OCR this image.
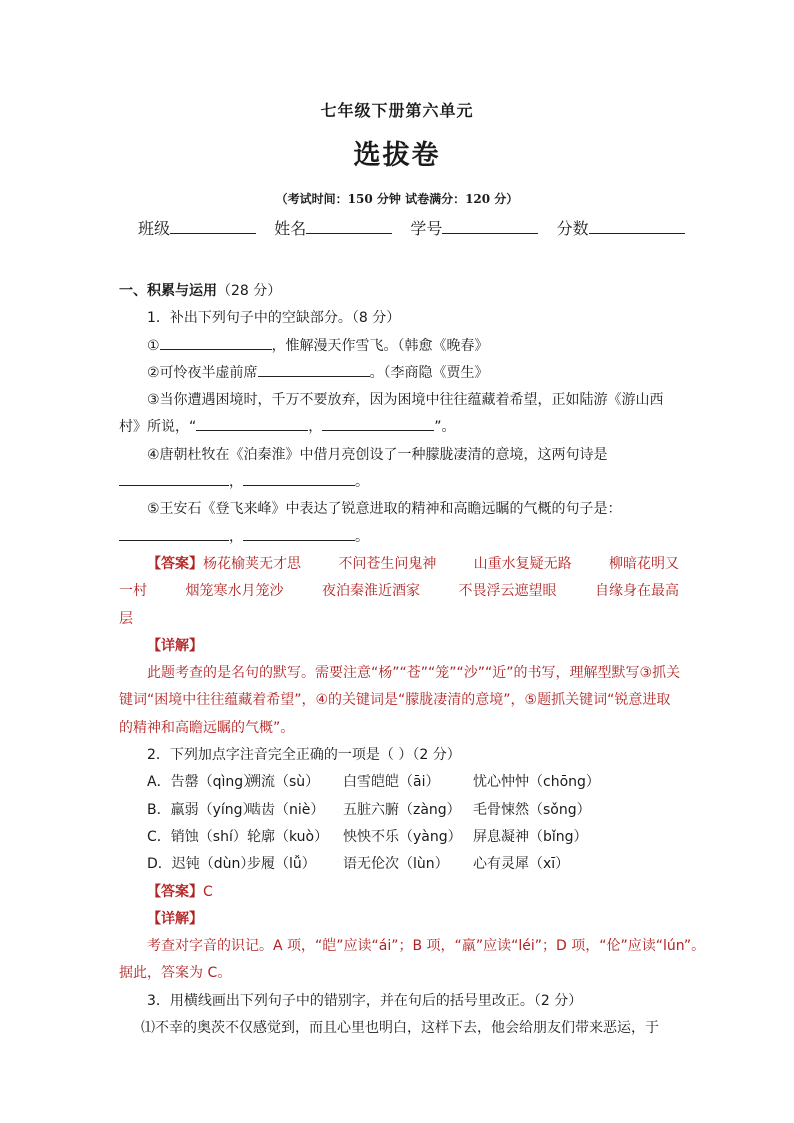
七年级下册第六单元
选拔卷
（考试时间：150 分钟 试卷满分：120 分）
班级	姓名	学号	分数
一、积累与运用（28 分）
1．补出下列句子中的空缺部分。（8 分）
①	，惟解漫天作雪飞。（韩愈《晚春》
②可怜夜半虚前席	。（李商隐《贾生》
③当你遭遇困境时，千万不要放弃，因为困境中往往蕴藏着希望，正如陆游《游山西
村》所说，“	，	”。
④唐朝杜牧在《泊秦淮》中借月亮创设了一种朦胧凄清的意境，这两句诗是
，	。
⑤王安石《登飞来峰》中表达了锐意进取的精神和高瞻远瞩的气概的句子是：
，	。
【答案】杨花榆荚无才思	不问苍生问鬼神	山重水复疑无路	柳暗花明又
一村	烟笼寒水月笼沙	夜泊秦淮近酒家	不畏浮云遮望眼	自缘身在最高
层
【详解】
此题考查的是名句的默写。需要注意“杨”“苍”“笼”“沙”“近”的书写，理解型默写③抓关
键词“困境中往往蕴藏着希望”，④的关键词是“朦胧凄清的意境”，⑤题抓关键词“锐意进取
的精神和高瞻远瞩的气概”。
2．下列加点字注音完全正确的一项是（ ）（2 分）
A．告罄（qìng）溯流（sù） 白雪皑皑（āi） 忧心忡忡（chōng）
B．羸弱（yíng）啮齿（niè） 五脏六腑（zàng） 毛骨悚然（sǒng）
C．销蚀（shí）轮廓（kuò） 怏怏不乐（yàng） 屏息凝神（bǐng）
D．迟钝（dùn）步履（lǚ） 语无伦次（lùn） 心有灵犀（xī）
【答案】C
【详解】
考查对字音的识记。A 项，“皑”应读“ái”；B 项，“羸”应读“léi”；D 项，“伦”应读“lún”。
据此，答案为 C。
3．用横线画出下列句子中的错别字，并在句后的括号里改正。（2 分）
⑴不幸的奥茨不仅感觉到，而且心里也明白，这样下去，他会给朋友们带来恶运，于
